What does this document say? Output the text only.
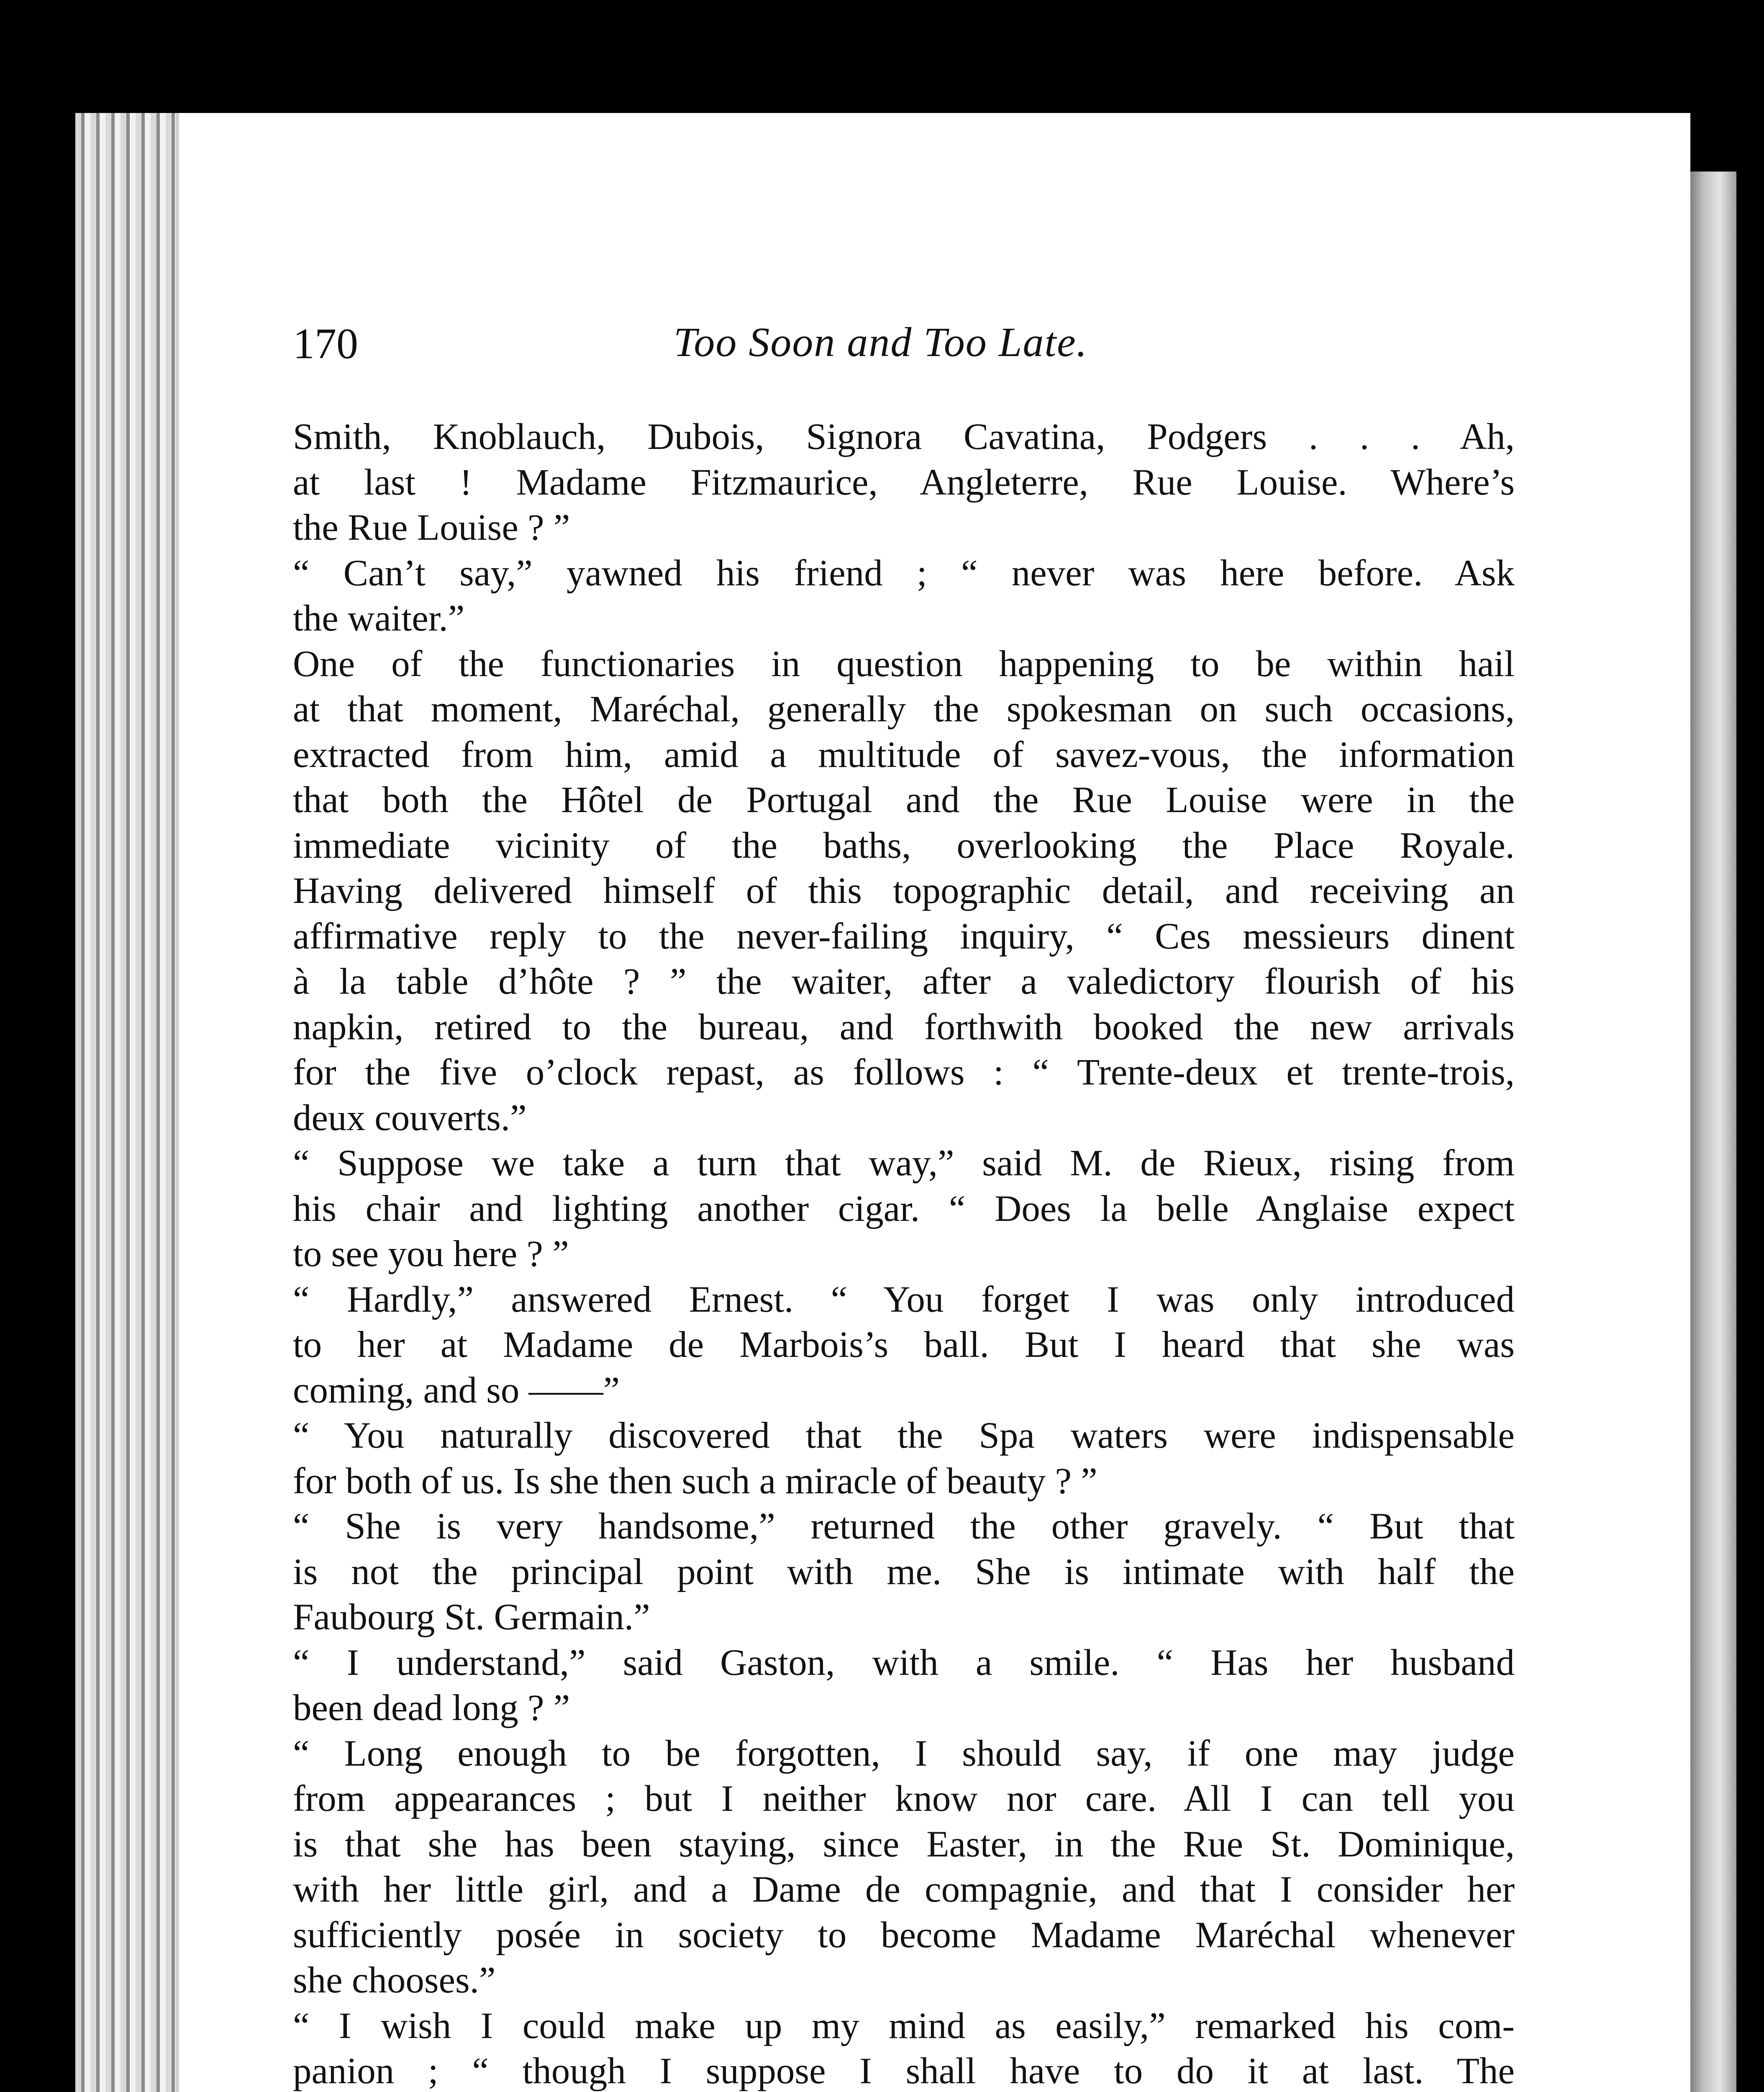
170	Too Soon and Too Late.
Smith, Knoblauch, Dubois, Signora Cavatina, Podgers . . . Ah,
at last ! Madame Fitzmaurice, Angleterre, Rue Louise. Where’s
the Rue Louise ? ”
“ Can’t say,” yawned his friend ; “ never was here before. Ask
the waiter.”
One of the functionaries in question happening to be within hail
at that moment, Maréchal, generally the spokesman on such occasions,
extracted from him, amid a multitude of savez-vous, the information
that both the Hôtel de Portugal and the Rue Louise were in the
immediate vicinity of the baths, overlooking the Place Royale.
Having delivered himself of this topographic detail, and receiving an
affirmative reply to the never-failing inquiry, “ Ces messieurs dinent
à la table d’hôte ? ” the waiter, after a valedictory flourish of his
napkin, retired to the bureau, and forthwith booked the new arrivals
for the five o’clock repast, as follows : “ Trente-deux et trente-trois,
deux couverts.”
“ Suppose we take a turn that way,” said M. de Rieux, rising from
his chair and lighting another cigar. “ Does la belle Anglaise expect
to see you here ? ”
“ Hardly,” answered Ernest. “ You forget I was only introduced
to her at Madame de Marbois’s ball. But I heard that she was
coming, and so ——”
“ You naturally discovered that the Spa waters were indispensable
for both of us. Is she then such a miracle of beauty ? ”
“ She is very handsome,” returned the other gravely. “ But that
is not the principal point with me. She is intimate with half the
Faubourg St. Germain.”
“ I understand,” said Gaston, with a smile. “ Has her husband
been dead long ? ”
“ Long enough to be forgotten, I should say, if one may judge
from appearances ; but I neither know nor care. All I can tell you
is that she has been staying, since Easter, in the Rue St. Dominique,
with her little girl, and a Dame de compagnie, and that I consider her
sufficiently posée in society to become Madame Maréchal whenever
she chooses.”
“ I wish I could make up my mind as easily,” remarked his com-
panion ; “ though I suppose I shall have to do it at last. The
